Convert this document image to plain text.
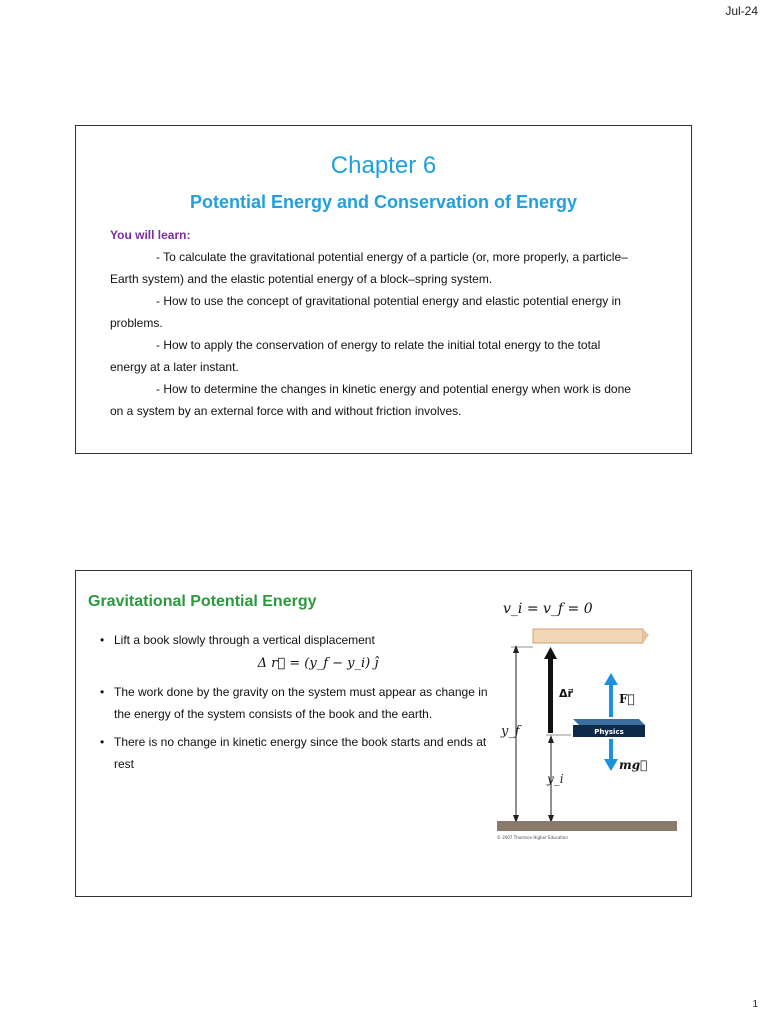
Jul-24
Chapter 6
Potential Energy and Conservation of Energy
You will learn:
- To calculate the gravitational potential energy of a particle (or, more properly, a particle–
Earth system) and the elastic potential energy of a block–spring system.
- How to use the concept of gravitational potential energy and elastic potential energy in
problems.
- How to apply the conservation of energy to relate the initial total energy to the total
energy at a later instant.
- How to determine the changes in kinetic energy and potential energy when work is done
on a system by an external force with and without friction involves.
Gravitational Potential Energy
• Lift a book slowly through a vertical displacement
Δ r⃗ = (y_f − y_i) ĵ
• The work done by the gravity on the system must appear as change in the energy of the system consists of the book and the earth.
• There is no change in kinetic energy since the book starts and ends at rest
v_i = v_f = 0
y_f
y_i
Δr⃗
Physics
F⃗
mg⃗
© 2007 Thomson Higher Education
1
